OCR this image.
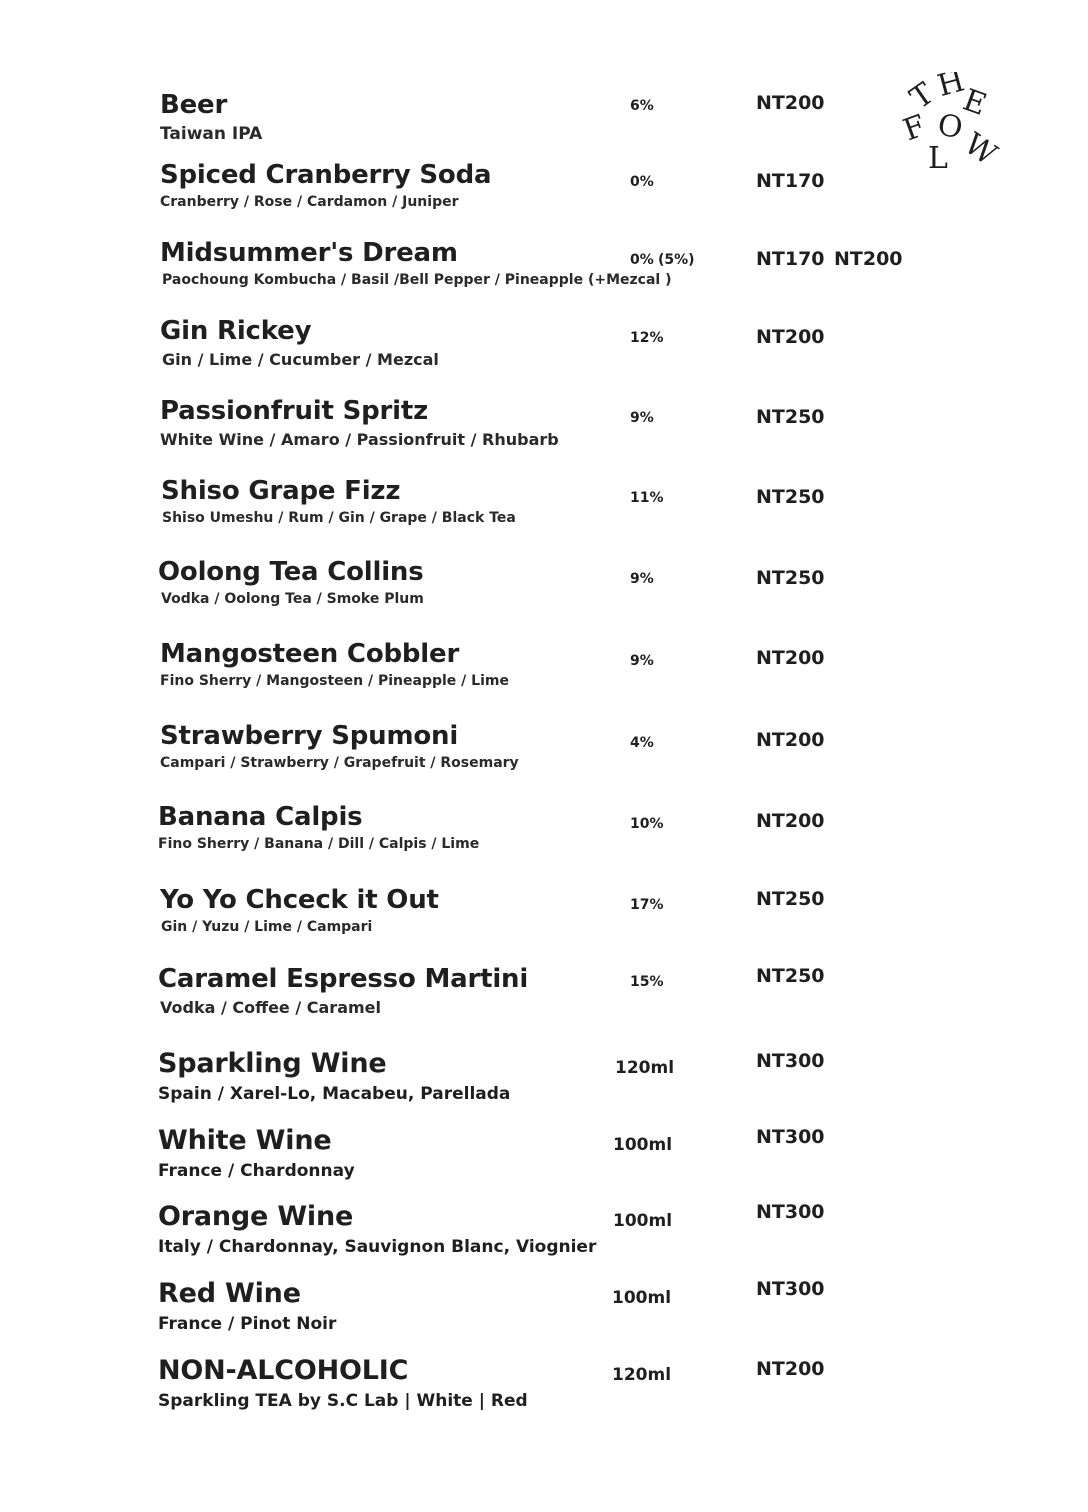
T
H
E
F O
L W
Beer
Taiwan IPA
6%	NT200
Spiced Cranberry Soda
Cranberry / Rose / Cardamon / Juniper
0%	NT170
Midsummer's Dream
Paochoung Kombucha / Basil /Bell Pepper / Pineapple (+Mezcal )
0% (5%)	NT170 NT200
Gin Rickey
Gin / Lime / Cucumber / Mezcal
12%	NT200
Passionfruit Spritz
White Wine / Amaro / Passionfruit / Rhubarb
9%	NT250
Shiso Grape Fizz
Shiso Umeshu / Rum / Gin / Grape / Black Tea
11%	NT250
Oolong Tea Collins
Vodka / Oolong Tea / Smoke Plum
9%	NT250
Mangosteen Cobbler
Fino Sherry / Mangosteen / Pineapple / Lime
9%	NT200
Strawberry Spumoni
Campari / Strawberry / Grapefruit / Rosemary
4%	NT200
Banana Calpis
Fino Sherry / Banana / Dill / Calpis / Lime
10%	NT200
Yo Yo Chceck it Out
Gin / Yuzu / Lime / Campari
17%	NT250
Caramel Espresso Martini
Vodka / Coffee / Caramel
15%	NT250
Sparkling Wine
Spain / Xarel-Lo, Macabeu, Parellada
120ml	NT300
White Wine
France / Chardonnay
100ml	NT300
Orange Wine
Italy / Chardonnay, Sauvignon Blanc, Viognier
100ml	NT300
Red Wine
France / Pinot Noir
100ml	NT300
NON-ALCOHOLIC
Sparkling TEA by S.C Lab | White | Red
120ml	NT200
